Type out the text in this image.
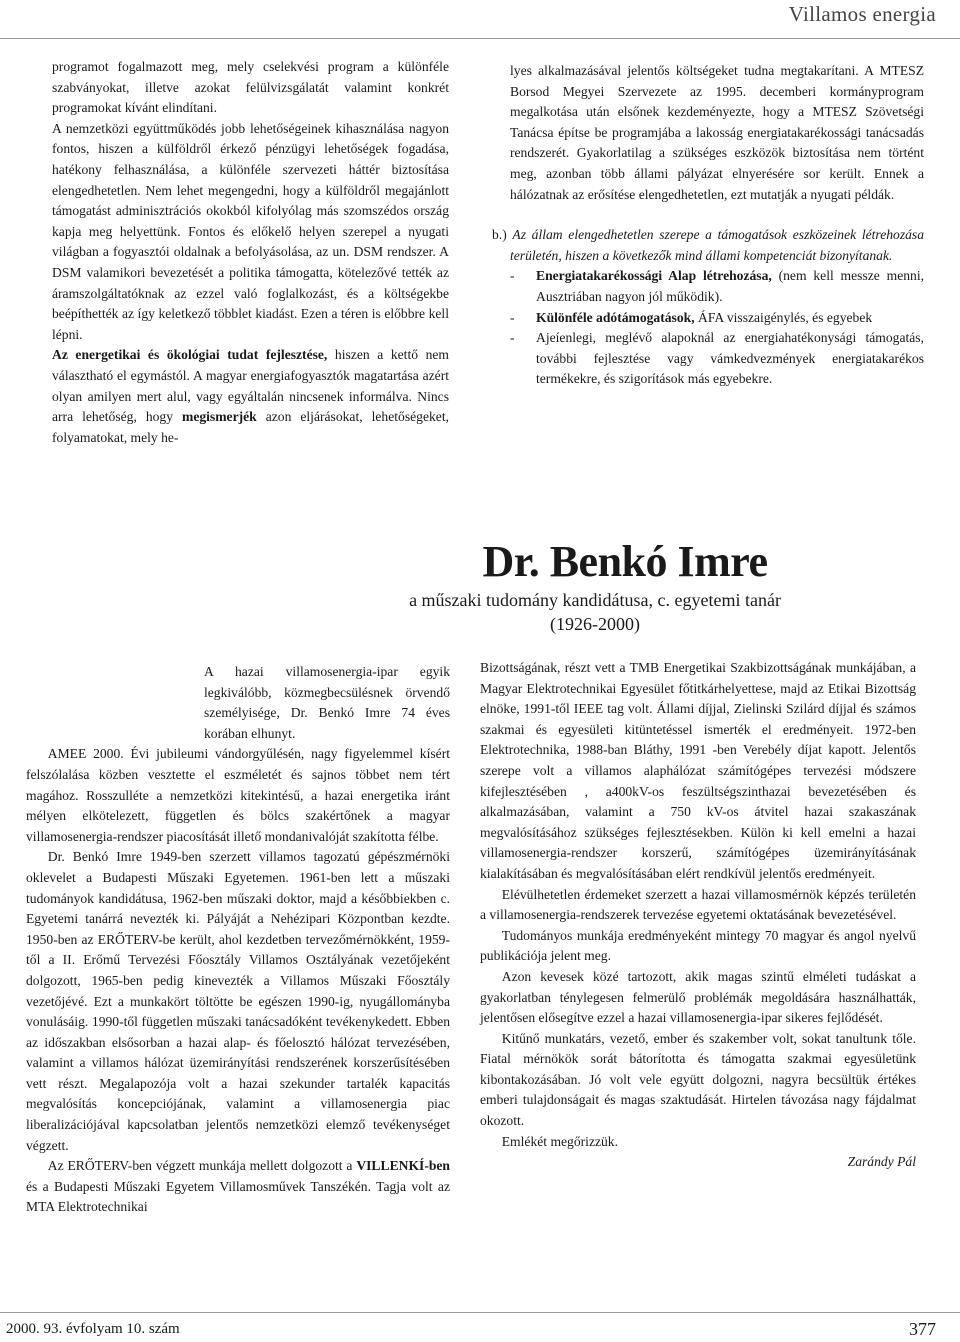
Villamos energia

programot fogalmazott meg, mely cselekvési program a különféle szabványokat, illetve azokat felülvizsgálatát valamint konkrét programokat kívánt elindítani.

A nemzetközi együttműködés jobb lehetőségeinek kihasználása nagyon fontos, hiszen a külföldről érkező pénzügyi lehetőségek fogadása, hatékony felhasználása, a különféle szervezeti háttér biztosítása elengedhetetlen. Nem lehet megengedni, hogy a külföldről megajánlott támogatást adminisztrációs okokból kifolyólag más szomszédos ország kapja meg helyettünk. Fontos és előkelő helyen szerepel a nyugati világban a fogyasztói oldalnak a befolyásolása, az un. DSM rendszer. A DSM valamikori bevezetését a politika támogatta, kötelezővé tették az áramszolgáltatóknak az ezzel való foglalkozást, és a költségekbe beépíthették az így keletkező többlet kiadást. Ezen a téren is előbbre kell lépni.

Az energetikai és ökológiai tudat fejlesztése, hiszen a kettő nem választható el egymástól. A magyar energiafogyasztók magatartása azért olyan amilyen mert alul, vagy egyáltalán nincsenek informálva. Nincs arra lehetőség, hogy megismerjék azon eljárásokat, lehetőségeket, folyamatokat, mely he-

lyes alkalmazásával jelentős költségeket tudna megtakarítani. A MTESZ Borsod Megyei Szervezete az 1995. decemberi kormányprogram megalkotása után elsőnek kezdeményezte, hogy a MTESZ Szövetségi Tanácsa építse be programjába a lakosság energiatakarékossági tanácsadás rendszerét. Gyakorlatilag a szükséges eszközök biztosítása nem történt meg, azonban több állami pályázat elnyerésére sor került. Ennek a hálózatnak az erősítése elengedhetetlen, ezt mutatják a nyugati példák.

b.) Az állam elengedhetetlen szerepe a támogatások eszközeinek létrehozása területén, hiszen a következők mind állami kompetenciát bizonyítanak.

- Energiatakarékossági Alap létrehozása, (nem kell messze menni, Ausztriában nagyon jól működik).

- Különféle adótámogatások, ÁFA visszaigénylés, és egyebek

- Ajeíenlegi, meglévő alapoknál az energiahatékonysági támogatás, további fejlesztése vagy vámkedvezmények energiatakarékos termékekre, és szigorítások más egyebekre.

Dr. Benkó Imre
a műszaki tudomány kandidátusa, c. egyetemi tanár
(1926-2000)

A hazai villamosenergia-ipar egyik legkiválóbb, közmegbecsülésnek örvendő személyisége, Dr. Benkó Imre 74 éves korában elhunyt.

AMEE 2000. Évi jubileumi vándorgyűlésén, nagy figyelemmel kísért felszólalása közben vesztette el eszméletét és sajnos többet nem tért magához. Rosszulléte a nemzetközi kitekintésű, a hazai energetika iránt mélyen elkötelezett, független és bölcs szakértőnek a magyar villamosenergia-rendszer piacosítását illető mondanivalóját szakította félbe.

Dr. Benkó Imre 1949-ben szerzett villamos tagozatú gépészmérnöki oklevelet a Budapesti Műszaki Egyetemen. 1961-ben lett a műszaki tudományok kandidátusa, 1962-ben műszaki doktor, majd a későbbiekben c. Egyetemi tanárrá nevezték ki. Pályáját a Nehézipari Központban kezdte. 1950-ben az ERŐTERV-be került, ahol kezdetben tervezőmérnökként, 1959-től a II. Erőmű Tervezési Főosztály Villamos Osztályának vezetőjeként dolgozott, 1965-ben pedig kinevezték a Villamos Műszaki Főosztály vezetőjévé. Ezt a munkakört töltötte be egészen 1990-ig, nyugállományba vonulásáig. 1990-től független műszaki tanácsadóként tevékenykedett. Ebben az időszakban elsősorban a hazai alap- és főelosztó hálózat tervezésében, valamint a villamos hálózat üzemirányítási rendszerének korszerűsítésében vett részt. Megalapozója volt a hazai szekunder tartalék kapacitás megvalósítás koncepciójának, valamint a villamosenergia piac liberalizációjával kapcsolatban jelentős nemzetközi elemző tevékenységet végzett.

Az ERŐTERV-ben végzett munkája mellett dolgozott a VILLENKÍ-ben és a Budapesti Műszaki Egyetem Villamosművek Tanszékén. Tagja volt az MTA Elektrotechnikai

Bizottságának, részt vett a TMB Energetikai Szakbizottságának munkájában, a Magyar Elektrotechnikai Egyesület főtitkárhelyettese, majd az Etikai Bizottság elnöke, 1991-től IEEE tag volt. Állami díjjal, Zielinski Szilárd díjjal és számos szakmai és egyesületi kitüntetéssel ismerték el eredményeit. 1972-ben Elektrotechnika, 1988-ban Bláthy, 1991 -ben Verebély díjat kapott. Jelentős szerepe volt a villamos alaphálózat számítógépes tervezési módszere kifejlesztésében , a400kV-os feszültségszinthazai bevezetésében és alkalmazásában, valamint a 750 kV-os átvitel hazai szakaszának megvalósításához szükséges fejlesztésekben. Külön ki kell emelni a hazai villamosenergia-rendszer korszerű, számítógépes üzemirányításának kialakításában és megvalósításában elért rendkívül jelentős eredményeit.

Elévülhetetlen érdemeket szerzett a hazai villamosmérnök képzés területén a villamosenergia-rendszerek tervezése egyetemi oktatásának bevezetésével.

Tudományos munkája eredményeként mintegy 70 magyar és angol nyelvű publikációja jelent meg.

Azon kevesek közé tartozott, akik magas szintű elméleti tudáskat a gyakorlatban ténylegesen felmerülő problémák megoldására használhatták, jelentősen elősegítve ezzel a hazai villamosenergia-ipar sikeres fejlődését.

Kitűnő munkatárs, vezető, ember és szakember volt, sokat tanultunk tőle. Fiatal mérnökök sorát bátorította és támogatta szakmai egyesületünk kibontakozásában. Jó volt vele együtt dolgozni, nagyra becsültük értékes emberi tulajdonságait és magas szaktudását. Hirtelen távozása nagy fájdalmat okozott.

Emlékét megőrizzük.

Zarándy Pál

2000. 93. évfolyam 10. szám	377
